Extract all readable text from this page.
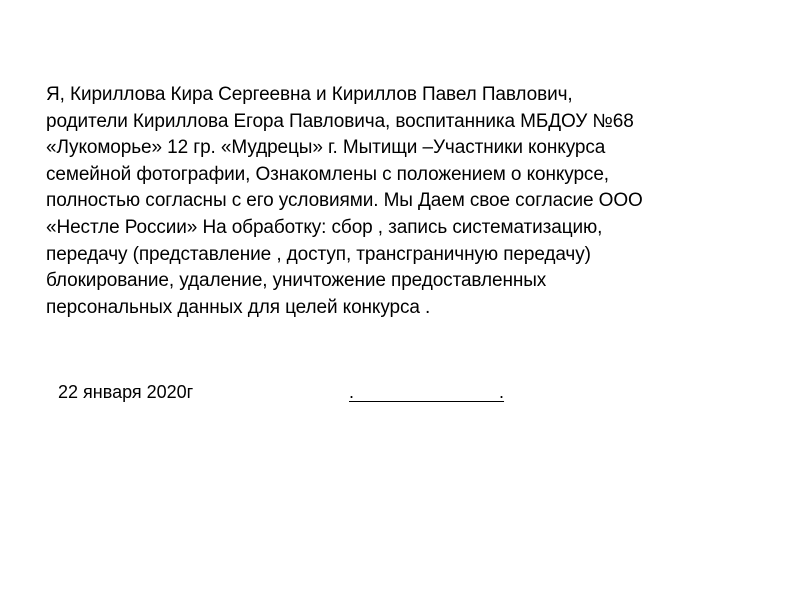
Я, Кириллова Кира Сергеевна и Кириллов Павел Павлович,
родители Кириллова Егора Павловича, воспитанника МБДОУ №68
«Лукоморье» 12 гр. «Мудрецы» г. Мытищи –Участники конкурса
семейной фотографии, Ознакомлены с положением о конкурсе,
полностью согласны с его условиями. Мы Даем свое согласие ООО
«Нестле России» На обработку: сбор , запись систематизацию,
передачу (представление , доступ, трансграничную передачу)
блокирование, удаление, уничтожение предоставленных
персональных данных для целей конкурса .
22 января 2020г	.                             .
